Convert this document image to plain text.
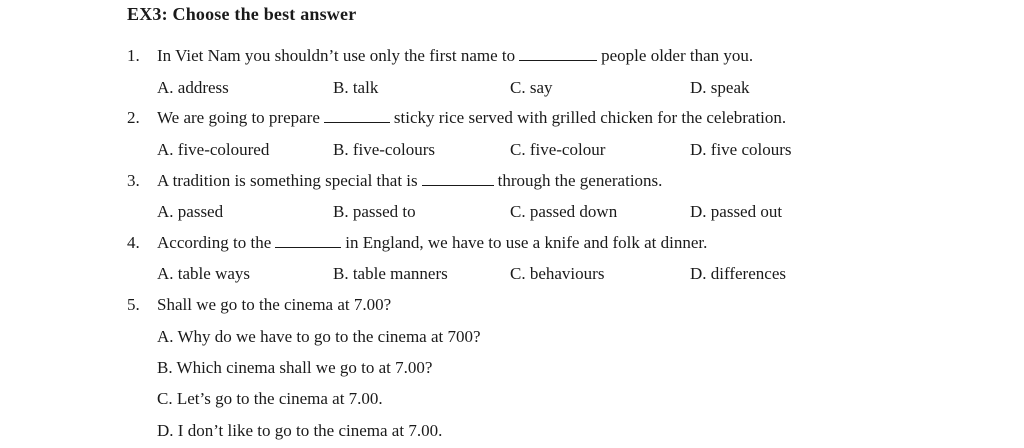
EX3: Choose the best answer
1. In Viet Nam you shouldn’t use only the first name to	people older than you.
A. address	B. talk	C. say	D. speak
2. We are going to prepare	sticky rice served with grilled chicken for the celebration.
A. five-coloured	B. five-colours	C. five-colour	D. five colours
3. A tradition is something special that is	through the generations.
A. passed	B. passed to	C. passed down	D. passed out
4. According to the	in England, we have to use a knife and folk at dinner.
A. table ways	B. table manners	C. behaviours	D. differences
5. Shall we go to the cinema at 7.00?
A. Why do we have to go to the cinema at 700?
B. Which cinema shall we go to at 7.00?
C. Let’s go to the cinema at 7.00.
D. I don’t like to go to the cinema at 7.00.
